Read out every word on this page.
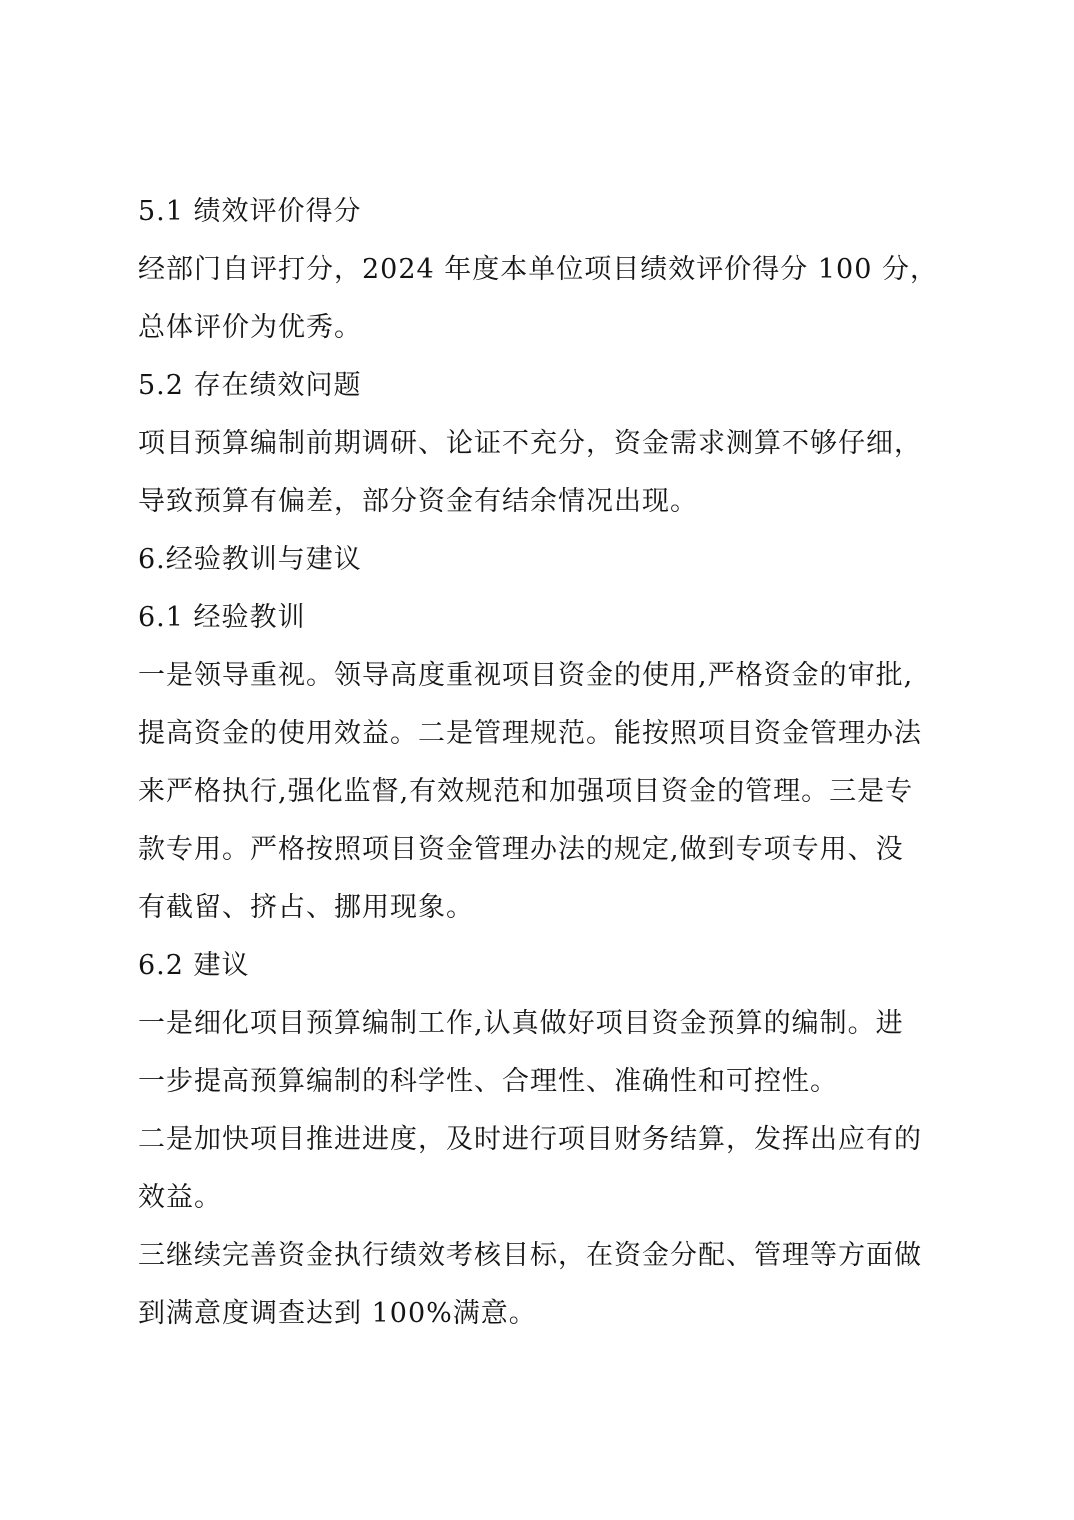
5.1 绩效评价得分
经部门自评打分，2024 年度本单位项目绩效评价得分 100 分，
总体评价为优秀。
5.2 存在绩效问题
项目预算编制前期调研、论证不充分，资金需求测算不够仔细，
导致预算有偏差，部分资金有结余情况出现。
6.经验教训与建议
6.1 经验教训
一是领导重视。领导高度重视项目资金的使用,严格资金的审批,
提高资金的使用效益。二是管理规范。能按照项目资金管理办法
来严格执行,强化监督,有效规范和加强项目资金的管理。三是专
款专用。严格按照项目资金管理办法的规定,做到专项专用、没
有截留、挤占、挪用现象。
6.2 建议
一是细化项目预算编制工作,认真做好项目资金预算的编制。进
一步提高预算编制的科学性、合理性、准确性和可控性。
二是加快项目推进进度，及时进行项目财务结算，发挥出应有的
效益。
三继续完善资金执行绩效考核目标，在资金分配、管理等方面做
到满意度调查达到 100%满意。
